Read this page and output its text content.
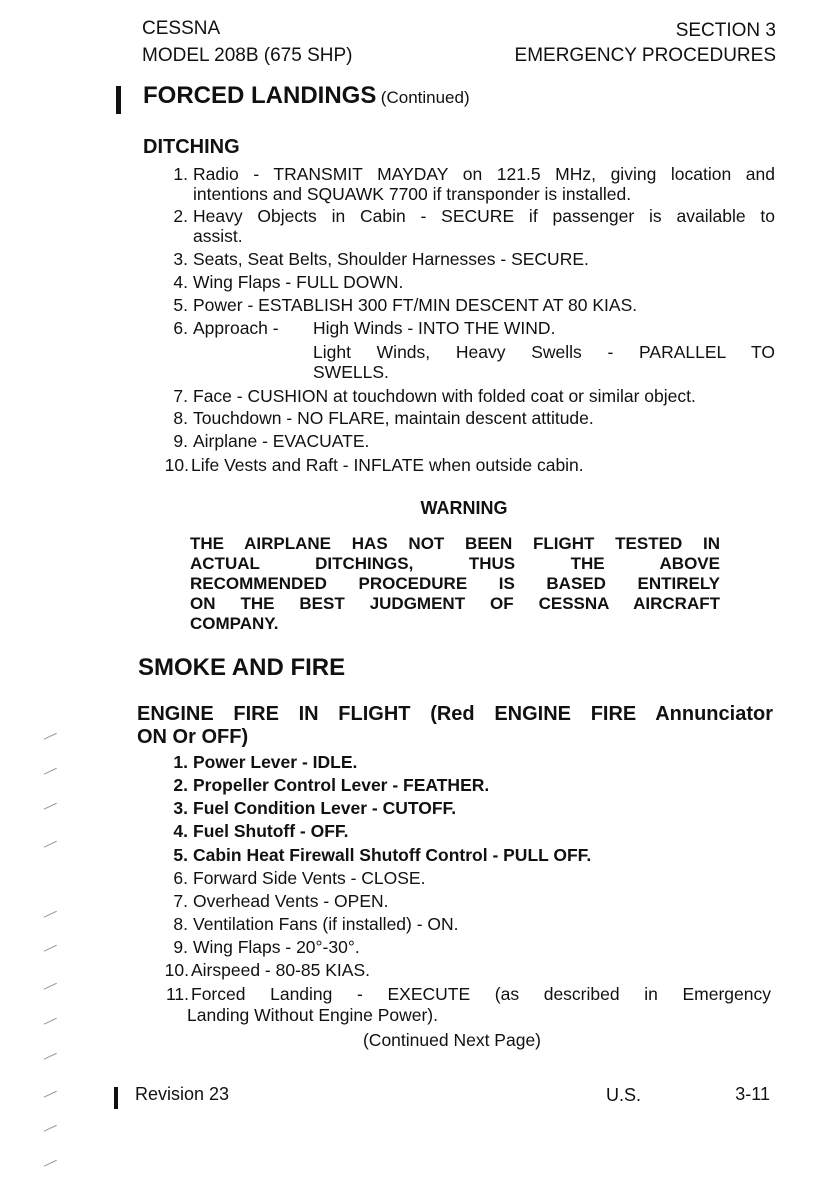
CESSNA
MODEL 208B (675 SHP)
SECTION 3
EMERGENCY PROCEDURES
FORCED LANDINGS (Continued)
DITCHING
1. Radio - TRANSMIT MAYDAY on 121.5 MHz, giving location and
intentions and SQUAWK 7700 if transponder is installed.
2. Heavy Objects in Cabin - SECURE if passenger is available to
assist.
3. Seats, Seat Belts, Shoulder Harnesses - SECURE.
4. Wing Flaps - FULL DOWN.
5. Power - ESTABLISH 300 FT/MIN DESCENT AT 80 KIAS.
6. Approach -	High Winds - INTO THE WIND.
Light Winds, Heavy Swells - PARALLEL TO
SWELLS.
7. Face - CUSHION at touchdown with folded coat or similar object.
8. Touchdown - NO FLARE, maintain descent attitude.
9. Airplane - EVACUATE.
10. Life Vests and Raft - INFLATE when outside cabin.
WARNING
THE AIRPLANE HAS NOT BEEN FLIGHT TESTED IN
ACTUAL DITCHINGS, THUS THE ABOVE
RECOMMENDED PROCEDURE IS BASED ENTIRELY
ON THE BEST JUDGMENT OF CESSNA AIRCRAFT
COMPANY.
SMOKE AND FIRE
ENGINE FIRE IN FLIGHT (Red ENGINE FIRE Annunciator
ON Or OFF)
1. Power Lever - IDLE.
2. Propeller Control Lever - FEATHER.
3. Fuel Condition Lever - CUTOFF.
4. Fuel Shutoff - OFF.
5. Cabin Heat Firewall Shutoff Control - PULL OFF.
6. Forward Side Vents - CLOSE.
7. Overhead Vents - OPEN.
8. Ventilation Fans (if installed) - ON.
9. Wing Flaps - 20°-30°.
10. Airspeed - 80-85 KIAS.
11. Forced Landing - EXECUTE (as described in Emergency
Landing Without Engine Power).
(Continued Next Page)
Revision 23	U.S.	3-11
